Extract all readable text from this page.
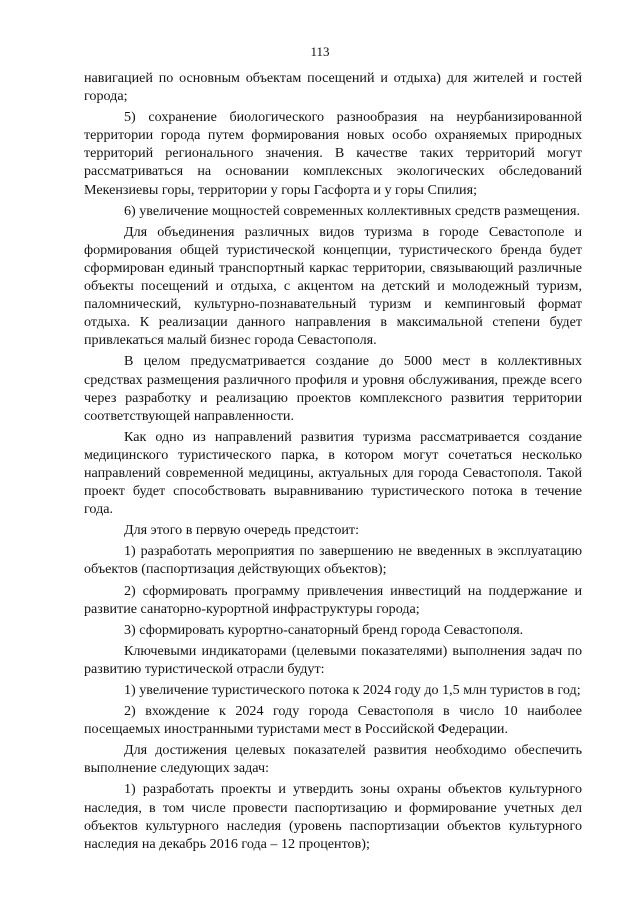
113

навигацией по основным объектам посещений и отдыха) для жителей и гостей города;

5) сохранение биологического разнообразия на неурбанизированной территории города путем формирования новых особо охраняемых природных территорий регионального значения. В качестве таких территорий могут рассматриваться на основании комплексных экологических обследований Мекензиевы горы, территории у горы Гасфорта и у горы Спилия;

6) увеличение мощностей современных коллективных средств размещения.

Для объединения различных видов туризма в городе Севастополе и формирования общей туристической концепции, туристического бренда будет сформирован единый транспортный каркас территории, связывающий различные объекты посещений и отдыха, с акцентом на детский и молодежный туризм, паломнический, культурно-познавательный туризм и кемпинговый формат отдыха. К реализации данного направления в максимальной степени будет привлекаться малый бизнес города Севастополя.

В целом предусматривается создание до 5000 мест в коллективных средствах размещения различного профиля и уровня обслуживания, прежде всего через разработку и реализацию проектов комплексного развития территории соответствующей направленности.

Как одно из направлений развития туризма рассматривается создание медицинского туристического парка, в котором могут сочетаться несколько направлений современной медицины, актуальных для города Севастополя. Такой проект будет способствовать выравниванию туристического потока в течение года.

Для этого в первую очередь предстоит:

1) разработать мероприятия по завершению не введенных в эксплуатацию объектов (паспортизация действующих объектов);

2) сформировать программу привлечения инвестиций на поддержание и развитие санаторно-курортной инфраструктуры города;

3) сформировать курортно-санаторный бренд города Севастополя.

Ключевыми индикаторами (целевыми показателями) выполнения задач по развитию туристической отрасли будут:

1) увеличение туристического потока к 2024 году до 1,5 млн туристов в год;

2) вхождение к 2024 году города Севастополя в число 10 наиболее посещаемых иностранными туристами мест в Российской Федерации.

Для достижения целевых показателей развития необходимо обеспечить выполнение следующих задач:

1) разработать проекты и утвердить зоны охраны объектов культурного наследия, в том числе провести паспортизацию и формирование учетных дел объектов культурного наследия (уровень паспортизации объектов культурного наследия на декабрь 2016 года – 12 процентов);
